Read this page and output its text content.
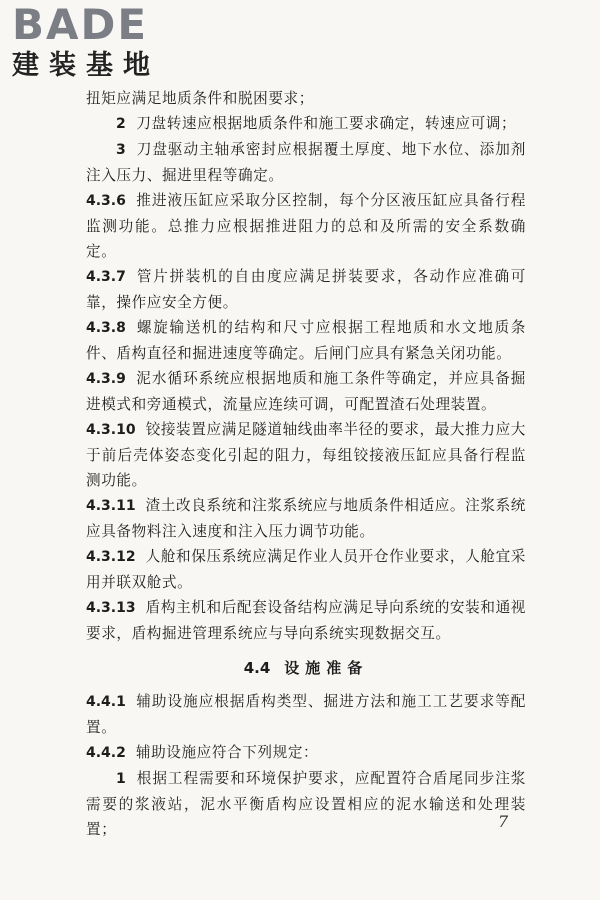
BADE
建装基地

扭矩应满足地质条件和脱困要求；

2 刀盘转速应根据地质条件和施工要求确定，转速应可调；

3 刀盘驱动主轴承密封应根据覆土厚度、地下水位、添加剂注入压力、掘进里程等确定。

4.3.6 推进液压缸应采取分区控制，每个分区液压缸应具备行程监测功能。总推力应根据推进阻力的总和及所需的安全系数确定。

4.3.7 管片拼装机的自由度应满足拼装要求，各动作应准确可靠，操作应安全方便。

4.3.8 螺旋输送机的结构和尺寸应根据工程地质和水文地质条件、盾构直径和掘进速度等确定。后闸门应具有紧急关闭功能。

4.3.9 泥水循环系统应根据地质和施工条件等确定，并应具备掘进模式和旁通模式，流量应连续可调，可配置渣石处理装置。

4.3.10 铰接装置应满足隧道轴线曲率半径的要求，最大推力应大于前后壳体姿态变化引起的阻力，每组铰接液压缸应具备行程监测功能。

4.3.11 渣土改良系统和注浆系统应与地质条件相适应。注浆系统应具备物料注入速度和注入压力调节功能。

4.3.12 人舱和保压系统应满足作业人员开仓作业要求，人舱宜采用并联双舱式。

4.3.13 盾构主机和后配套设备结构应满足导向系统的安装和通视要求，盾构掘进管理系统应与导向系统实现数据交互。

4.4 设施准备

4.4.1 辅助设施应根据盾构类型、掘进方法和施工工艺要求等配置。

4.4.2 辅助设施应符合下列规定：

1 根据工程需要和环境保护要求，应配置符合盾尾同步注浆需要的浆液站，泥水平衡盾构应设置相应的泥水输送和处理装置；	7
